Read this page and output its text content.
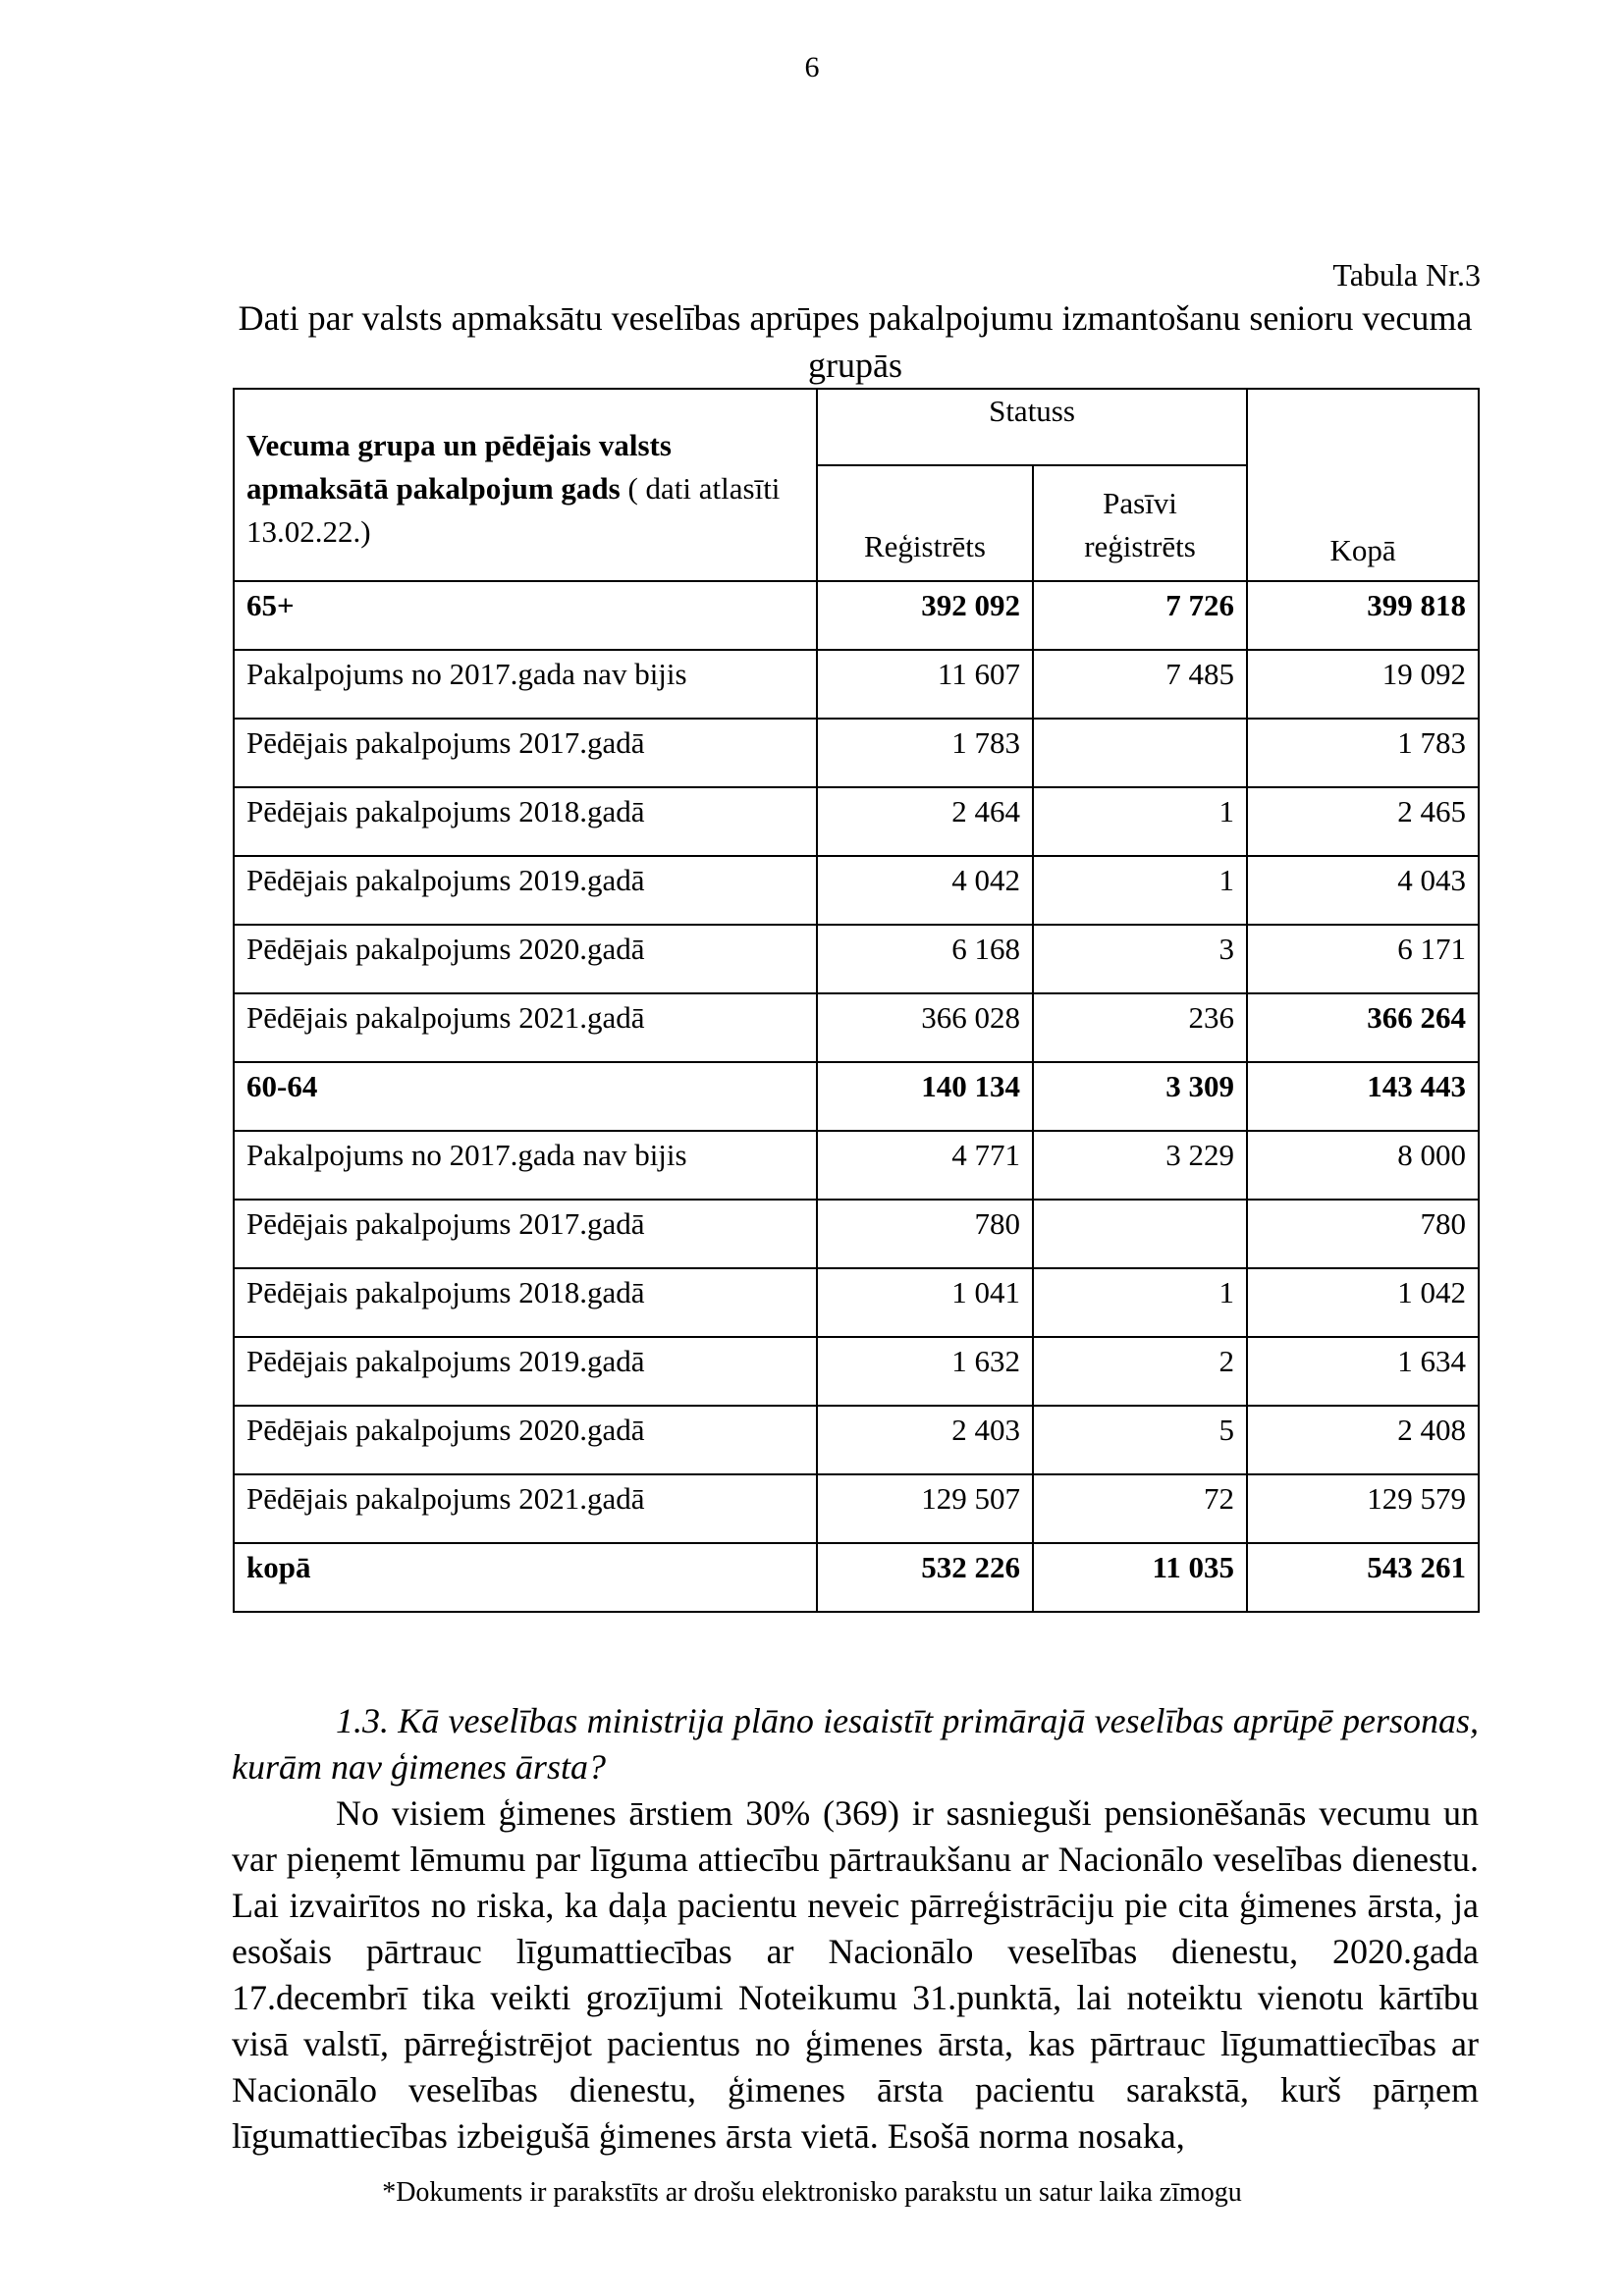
6
Tabula Nr.3
Dati par valsts apmaksātu veselības aprūpes pakalpojumu izmantošanu senioru vecuma grupās
Vecuma grupa un pēdējais valsts apmaksātā pakalpojum gads ( dati atlasīti 13.02.22.)	Statuss		Kopā
	Reģistrēts	Pasīvi reģistrēts	
65+	392 092	7 726	399 818
Pakalpojums no 2017.gada nav bijis	11 607	7 485	19 092
Pēdējais pakalpojums 2017.gadā	1 783		1 783
Pēdējais pakalpojums 2018.gadā	2 464	1	2 465
Pēdējais pakalpojums 2019.gadā	4 042	1	4 043
Pēdējais pakalpojums 2020.gadā	6 168	3	6 171
Pēdējais pakalpojums 2021.gadā	366 028	236	366 264
60-64	140 134	3 309	143 443
Pakalpojums no 2017.gada nav bijis	4 771	3 229	8 000
Pēdējais pakalpojums 2017.gadā	780		780
Pēdējais pakalpojums 2018.gadā	1 041	1	1 042
Pēdējais pakalpojums 2019.gadā	1 632	2	1 634
Pēdējais pakalpojums 2020.gadā	2 403	5	2 408
Pēdējais pakalpojums 2021.gadā	129 507	72	129 579
kopā	532 226	11 035	543 261
1.3. Kā veselības ministrija plāno iesaistīt primārajā veselības aprūpē personas, kurām nav ģimenes ārsta?
No visiem ģimenes ārstiem 30% (369) ir sasnieguši pensionēšanās vecumu un var pieņemt lēmumu par līguma attiecību pārtraukšanu ar Nacionālo veselības dienestu. Lai izvairītos no riska, ka daļa pacientu neveic pārreģistrāciju pie cita ģimenes ārsta, ja esošais pārtrauc līgumattiecības ar Nacionālo veselības dienestu, 2020.gada 17.decembrī tika veikti grozījumi Noteikumu 31.punktā, lai noteiktu vienotu kārtību visā valstī, pārreģistrējot pacientus no ģimenes ārsta, kas pārtrauc līgumattiecības ar Nacionālo veselības dienestu, ģimenes ārsta pacientu sarakstā, kurš pārņem līgumattiecības izbeigušā ģimenes ārsta vietā. Esošā norma nosaka,
*Dokuments ir parakstīts ar drošu elektronisko parakstu un satur laika zīmogu
